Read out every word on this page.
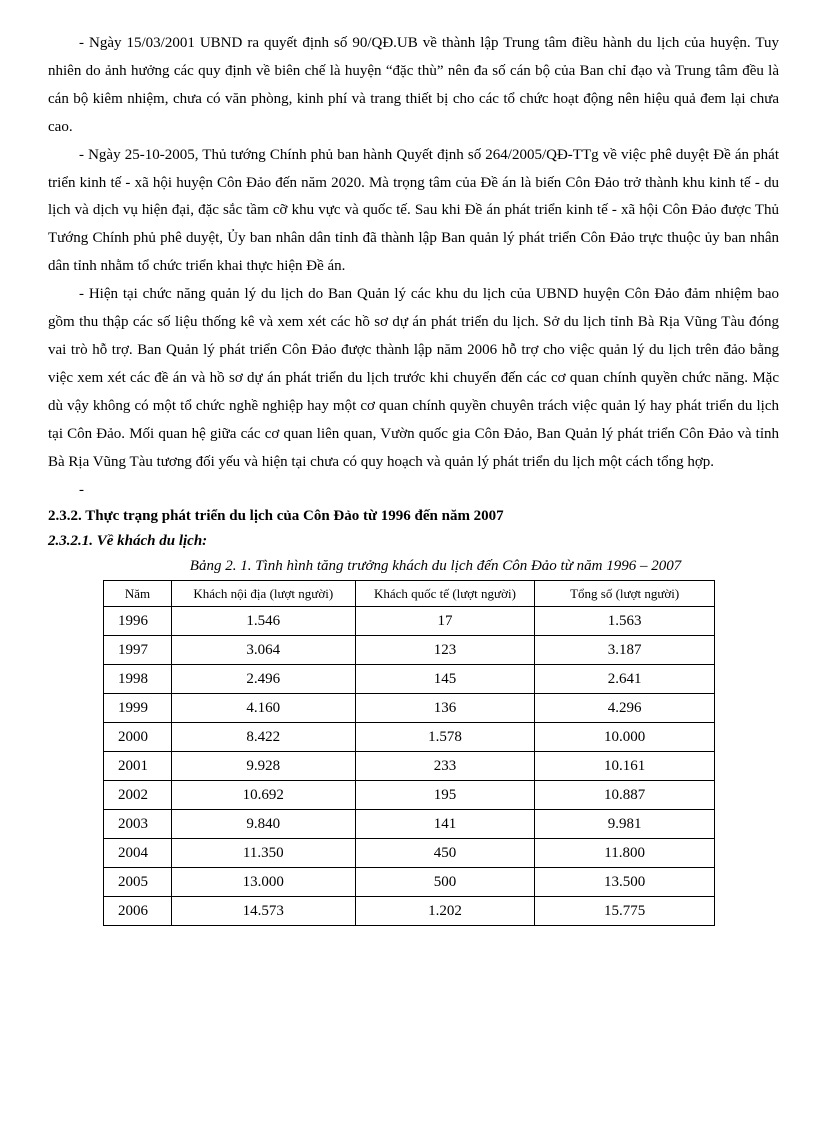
- Ngày 15/03/2001 UBND ra quyết định số 90/QĐ.UB về thành lập Trung tâm điều hành du lịch của huyện. Tuy nhiên do ảnh hưởng các quy định về biên chế là huyện “đặc thù” nên đa số cán bộ của Ban chỉ đạo và Trung tâm đều là cán bộ kiêm nhiệm, chưa có văn phòng, kinh phí và trang thiết bị cho các tổ chức hoạt động nên hiệu quả đem lại chưa cao.

- Ngày 25-10-2005, Thủ tướng Chính phủ ban hành Quyết định số 264/2005/QĐ-TTg về việc phê duyệt Đề án phát triển kinh tế - xã hội huyện Côn Đảo đến năm 2020. Mà trọng tâm của Đề án là biến Côn Đảo trở thành khu kinh tế - du lịch và dịch vụ hiện đại, đặc sắc tầm cỡ khu vực và quốc tế. Sau khi Đề án phát triển kinh tế - xã hội Côn Đảo được Thủ Tướng Chính phủ phê duyệt, Ủy ban nhân dân tỉnh đã thành lập Ban quản lý phát triển Côn Đảo trực thuộc ủy ban nhân dân tỉnh nhằm tổ chức triển khai thực hiện Đề án.

- Hiện tại chức năng quản lý du lịch do Ban Quản lý các khu du lịch của UBND huyện Côn Đảo đảm nhiệm bao gồm thu thập các số liệu thống kê và xem xét các hồ sơ dự án phát triển du lịch. Sở du lịch tỉnh Bà Rịa Vũng Tàu đóng vai trò hỗ trợ. Ban Quản lý phát triển Côn Đảo được thành lập năm 2006 hỗ trợ cho việc quản lý du lịch trên đảo bằng việc xem xét các đề án và hồ sơ dự án phát triển du lịch trước khi chuyển đến các cơ quan chính quyền chức năng. Mặc dù vậy không có một tổ chức nghề nghiệp hay một cơ quan chính quyền chuyên trách việc quản lý hay phát triển du lịch tại Côn Đảo. Mối quan hệ giữa các cơ quan liên quan, Vườn quốc gia Côn Đảo, Ban Quản lý phát triển Côn Đảo và tỉnh Bà Rịa Vũng Tàu tương đối yếu và hiện tại chưa có quy hoạch và quản lý phát triển du lịch một cách tổng hợp.

-

2.3.2. Thực trạng phát triển du lịch của Côn Đảo từ 1996 đến năm 2007

2.3.2.1. Về khách du lịch:

Bảng 2. 1. Tình hình tăng trưởng khách du lịch đến Côn Đảo từ năm 1996 – 2007

Năm	Khách nội địa (lượt người)	Khách quốc tế (lượt người)	Tổng số (lượt người)
1996	1.546	17	1.563
1997	3.064	123	3.187
1998	2.496	145	2.641
1999	4.160	136	4.296
2000	8.422	1.578	10.000
2001	9.928	233	10.161
2002	10.692	195	10.887
2003	9.840	141	9.981
2004	11.350	450	11.800
2005	13.000	500	13.500
2006	14.573	1.202	15.775
